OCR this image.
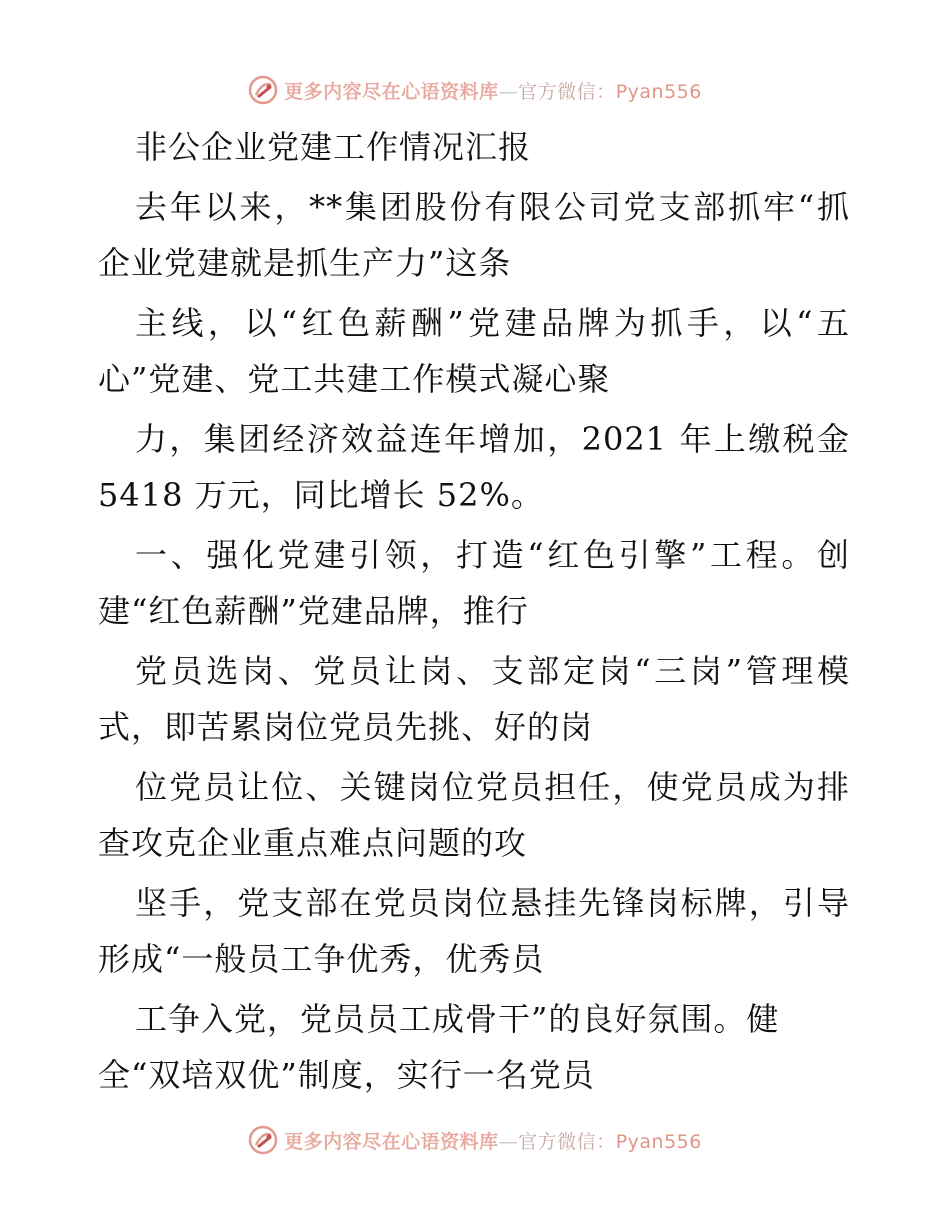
更多内容尽在心语资料库—官方微信：Pyan556
非公企业党建工作情况汇报
去年以来，**集团股份有限公司党支部抓牢“抓
企业党建就是抓生产力”这条
主线，以“红色薪酬”党建品牌为抓手，以“五
心”党建、党工共建工作模式凝心聚
力，集团经济效益连年增加，2021 年上缴税金
5418 万元，同比增长 52%。
一、强化党建引领，打造“红色引擎”工程。创
建“红色薪酬”党建品牌，推行
党员选岗、党员让岗、支部定岗“三岗”管理模
式，即苦累岗位党员先挑、好的岗
位党员让位、关键岗位党员担任，使党员成为排
查攻克企业重点难点问题的攻
坚手，党支部在党员岗位悬挂先锋岗标牌，引导
形成“一般员工争优秀，优秀员
工争入党，党员员工成骨干”的良好氛围。健
全“双培双优”制度，实行一名党员
更多内容尽在心语资料库—官方微信：Pyan556
